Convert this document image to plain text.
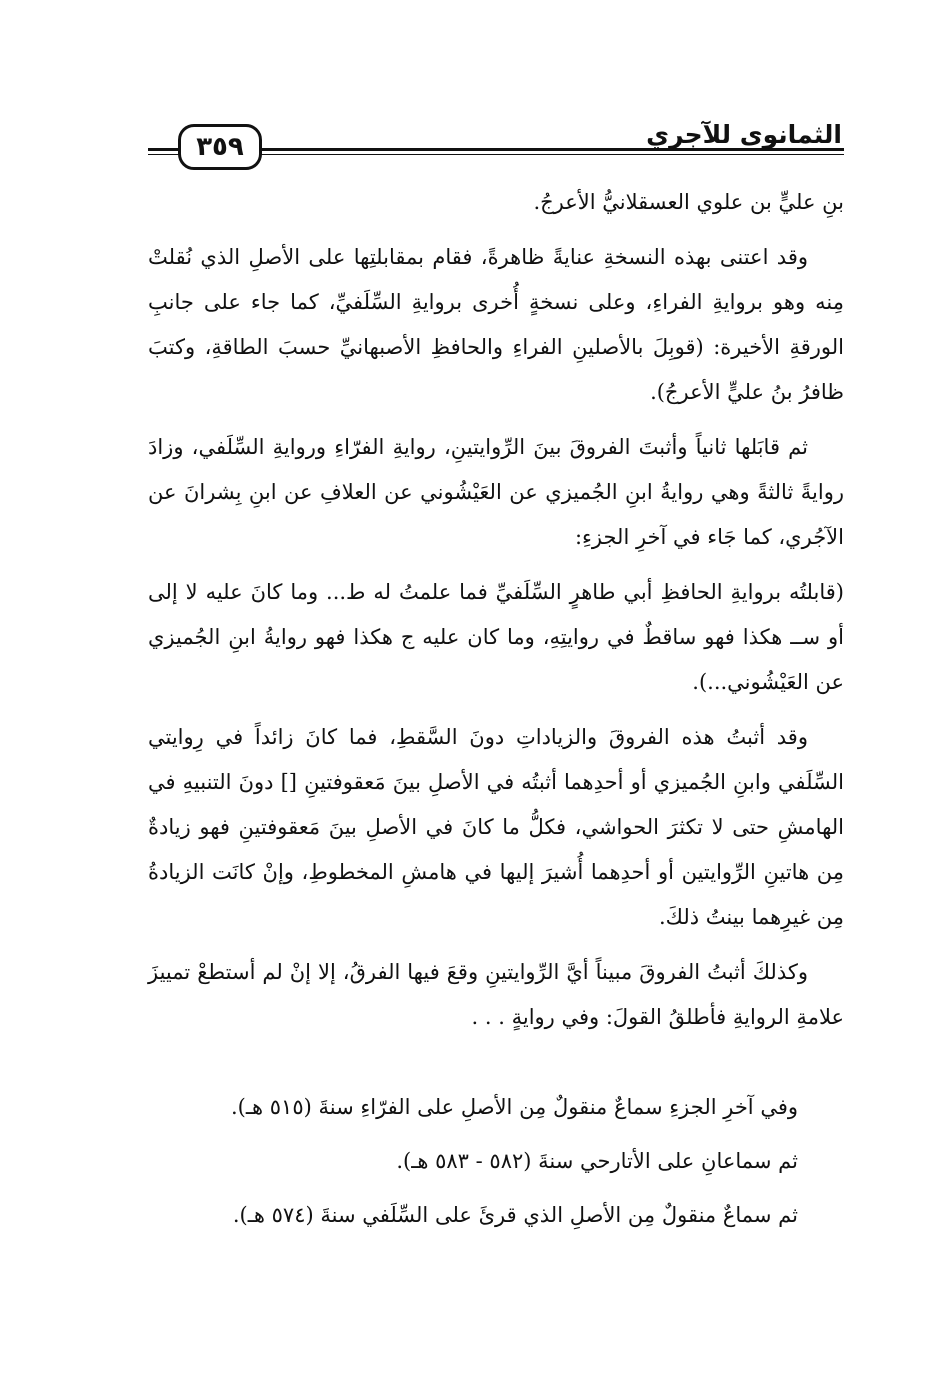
الثمانوى للآجري
٣٥٩

بنِ عليٍّ بن علوي العسقلانيُّ الأعرجُ.

وقد اعتنى بهذه النسخةِ عنايةً ظاهرةً، فقام بمقابلتِها على الأصلِ الذي نُقلتْ مِنه وهو بروايةِ الفراءِ، وعلى نسخةٍ أُخرى بروايةِ السِّلَفيِّ، كما جاء على جانبِ الورقةِ الأخيرة: (قوبِلَ بالأصلينِ الفراءِ والحافظِ الأصبهانيِّ حسبَ الطاقةِ، وكتبَ ظافرُ بنُ عليٍّ الأعرجُ).

ثم قابَلها ثانياً وأثبتَ الفروقَ بينَ الرِّوايتينِ، روايةِ الفرّاءِ وروايةِ السِّلَفي، وزادَ روايةً ثالثةً وهي روايةُ ابنِ الجُميزي عن العَيْشُوني عن العلافِ عن ابنِ بِشرانَ عن الآجُري، كما جَاء في آخرِ الجزءِ:

(قابلتُه بروايةِ الحافظِ أبي طاهرٍ السِّلَفيِّ فما علمتُ له ط... وما كانَ عليه لا إلى أو ســ هكذا فهو ساقطٌ في روايتِهِ، وما كان عليه ج هكذا فهو روايةُ ابنِ الجُميزي عن العَيْشُوني...).

وقد أثبتُ هذه الفروقَ والزياداتِ دونَ السَّقطِ، فما كانَ زائداً في رِوايتي السِّلَفي وابنِ الجُميزي أو أحدِهما أثبتُه في الأصلِ بينَ مَعقوفتينِ [] دونَ التنبيهِ في الهامشِ حتى لا تكثرَ الحواشي، فكلُّ ما كانَ في الأصلِ بينَ مَعقوفتينِ فهو زيادةٌ مِن هاتينِ الرِّوايتين أو أحدِهما أُشيرَ إليها في هامشِ المخطوطِ، وإنْ كانَت الزيادةُ مِن غيرِهما بينتُ ذلكَ.

وكذلكَ أثبتُ الفروقَ مبيناً أيَّ الرِّوايتينِ وقعَ فيها الفرقُ، إلا إنْ لم أستطعْ تمييزَ علامةِ الروايةِ فأطلقُ القولَ: وفي روايةٍ . . .

وفي آخرِ الجزءِ سماعٌ منقولٌ مِن الأصلِ على الفرّاءِ سنةَ (٥١٥ هـ).

ثم سماعانِ على الأتارحي سنةَ (٥٨٢ - ٥٨٣ هـ).

ثم سماعٌ منقولٌ مِن الأصلِ الذي قرئَ على السِّلَفي سنةَ (٥٧٤ هـ).
